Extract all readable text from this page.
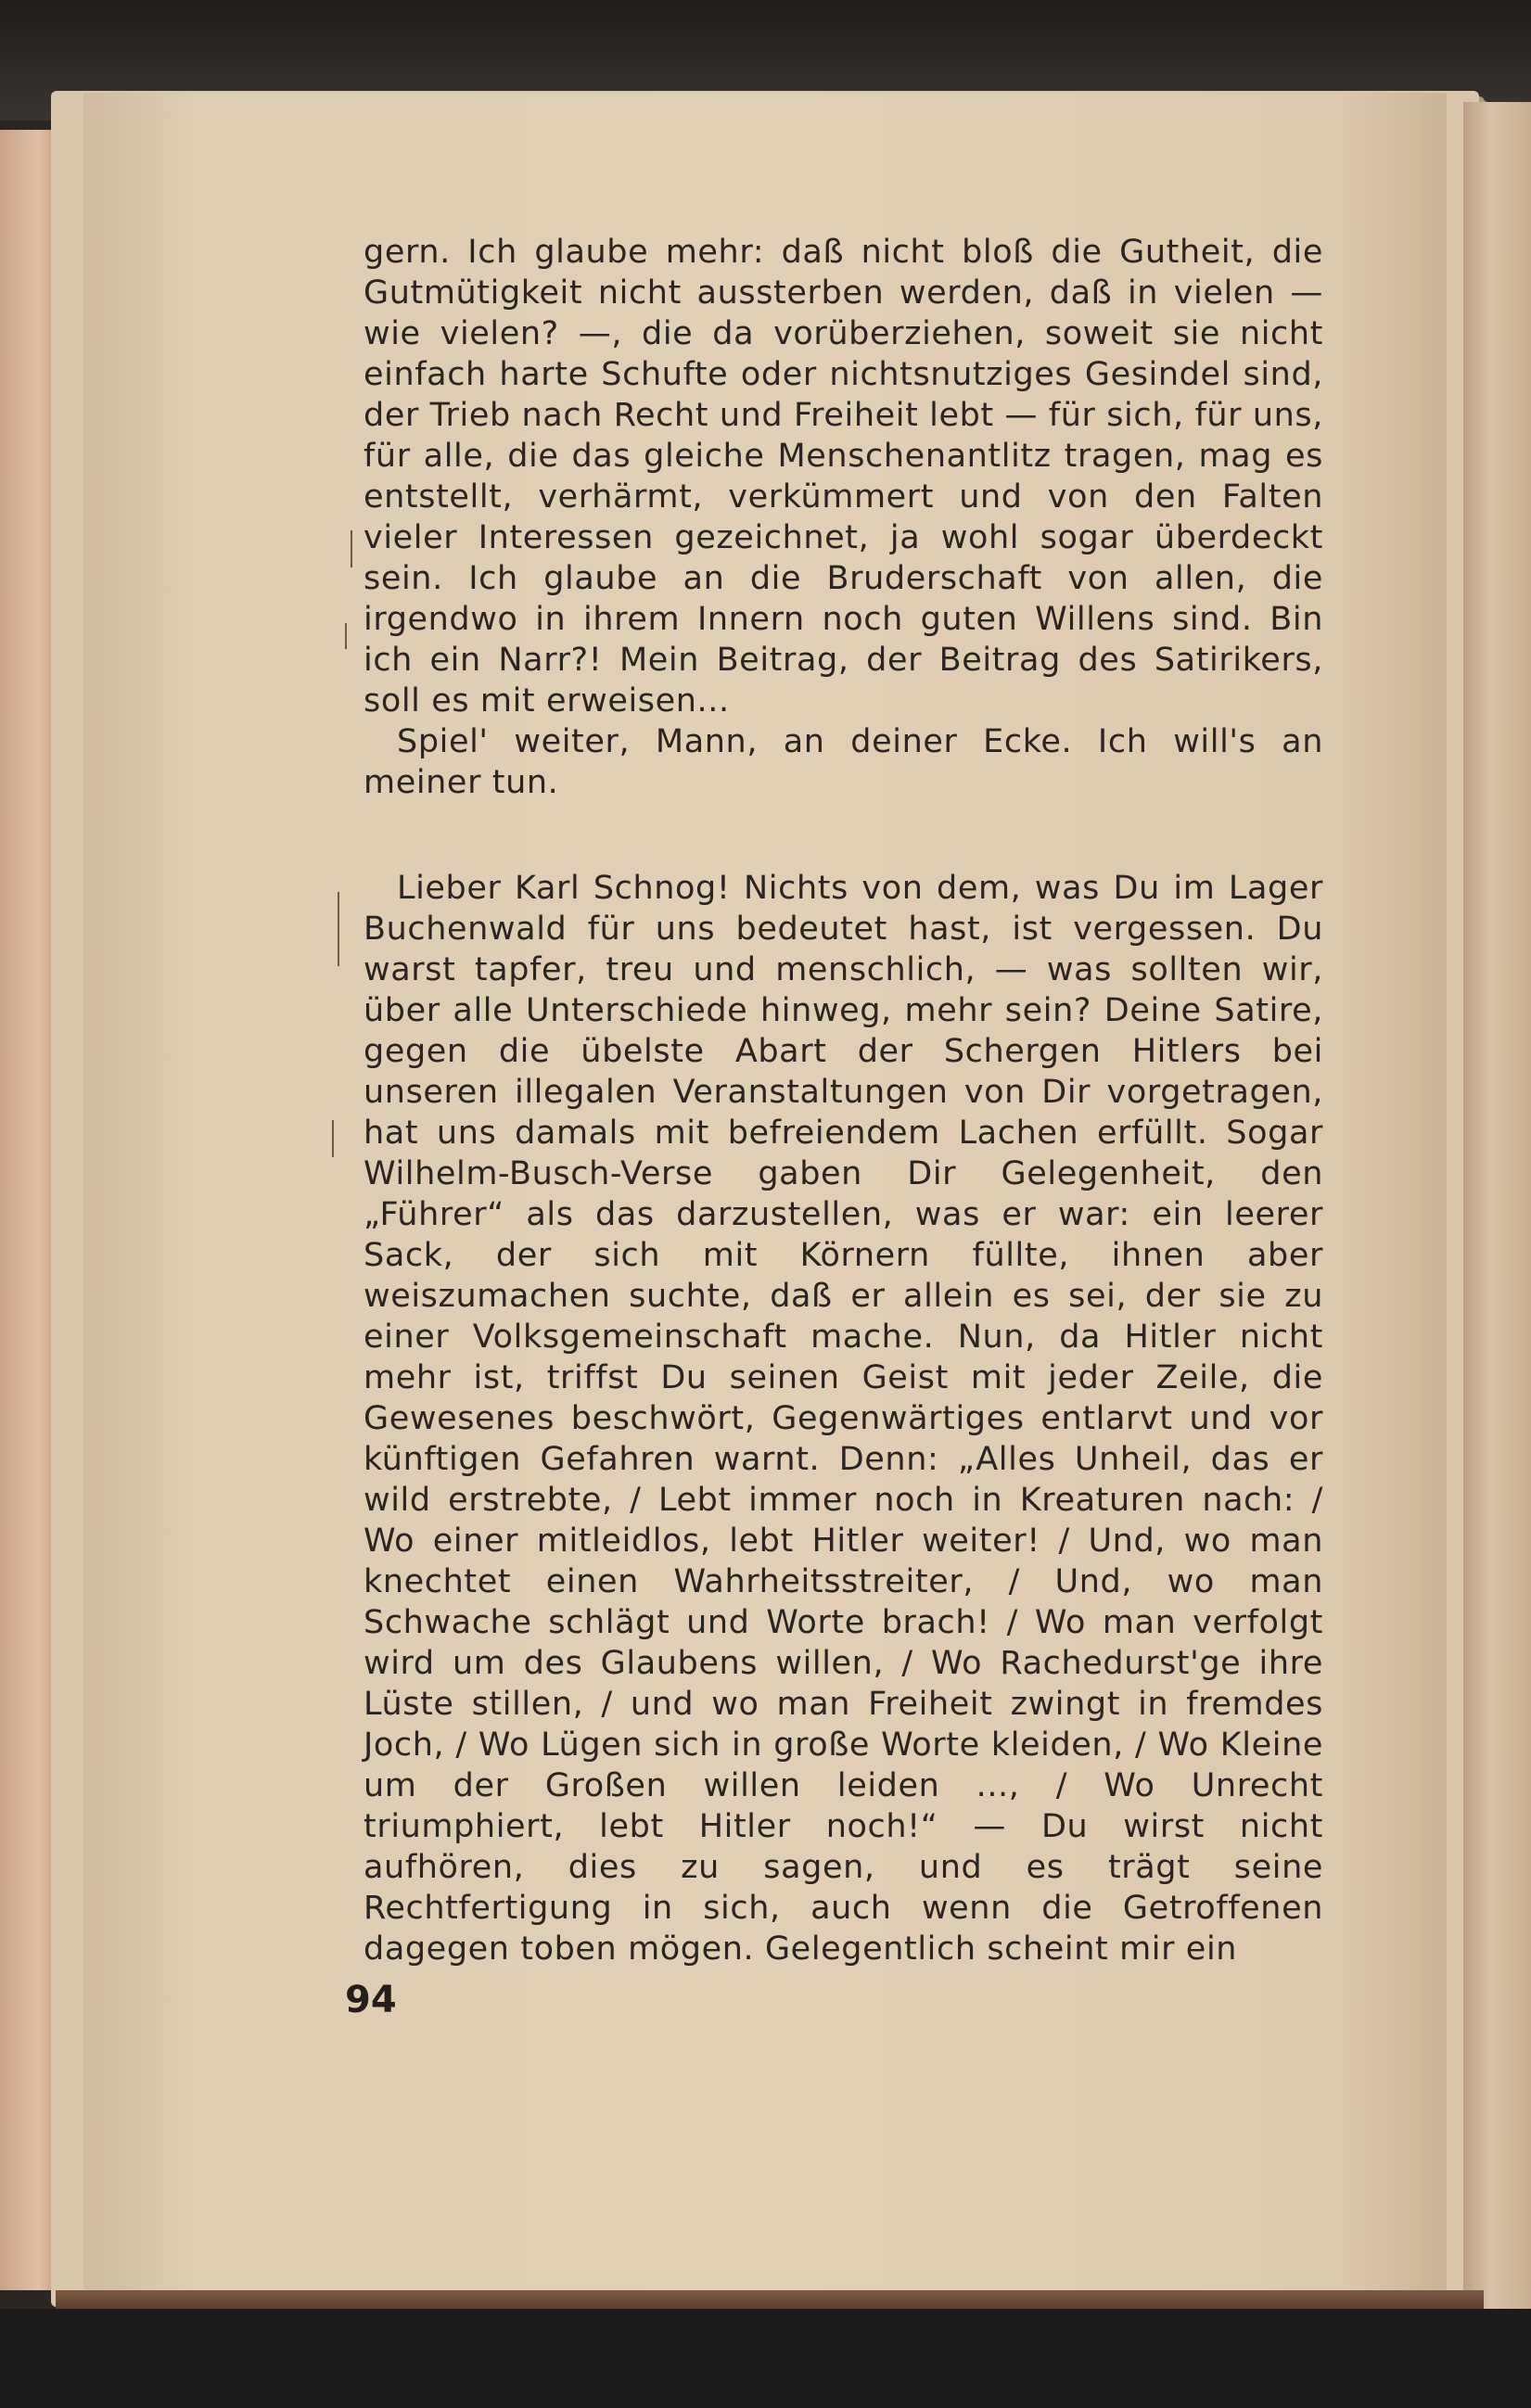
gern. Ich glaube mehr: daß nicht bloß die Gutheit, die Gutmütigkeit nicht aussterben werden, daß in vielen — wie vielen? —, die da vorüberziehen, soweit sie nicht einfach harte Schufte oder nichtsnutziges Gesindel sind, der Trieb nach Recht und Freiheit lebt — für sich, für uns, für alle, die das gleiche Menschenantlitz tragen, mag es entstellt, verhärmt, verkümmert und von den Falten vieler Interessen gezeichnet, ja wohl sogar überdeckt sein. Ich glaube an die Bruderschaft von allen, die irgendwo in ihrem Innern noch guten Willens sind. Bin ich ein Narr?! Mein Beitrag, der Beitrag des Satirikers, soll es mit erweisen...

Spiel' weiter, Mann, an deiner Ecke. Ich will's an meiner tun.

Lieber Karl Schnog! Nichts von dem, was Du im Lager Buchenwald für uns bedeutet hast, ist vergessen. Du warst tapfer, treu und menschlich, — was sollten wir, über alle Unterschiede hinweg, mehr sein? Deine Satire, gegen die übelste Abart der Schergen Hitlers bei unseren illegalen Veranstaltungen von Dir vorgetragen, hat uns damals mit befreiendem Lachen erfüllt. Sogar Wilhelm-Busch-Verse gaben Dir Gelegenheit, den „Führer“ als das darzustellen, was er war: ein leerer Sack, der sich mit Körnern füllte, ihnen aber weiszumachen suchte, daß er allein es sei, der sie zu einer Volksgemeinschaft mache. Nun, da Hitler nicht mehr ist, triffst Du seinen Geist mit jeder Zeile, die Gewesenes beschwört, Gegenwärtiges entlarvt und vor künftigen Gefahren warnt. Denn: „Alles Unheil, das er wild erstrebte, / Lebt immer noch in Kreaturen nach: / Wo einer mitleidlos, lebt Hitler weiter! / Und, wo man knechtet einen Wahrheitsstreiter, / Und, wo man Schwache schlägt und Worte brach! / Wo man verfolgt wird um des Glaubens willen, / Wo Rachedurst'ge ihre Lüste stillen, / und wo man Freiheit zwingt in fremdes Joch, / Wo Lügen sich in große Worte kleiden, / Wo Kleine um der Großen willen leiden ..., / Wo Unrecht triumphiert, lebt Hitler noch!“ — Du wirst nicht aufhören, dies zu sagen, und es trägt seine Rechtfertigung in sich, auch wenn die Getroffenen dagegen toben mögen. Gelegentlich scheint mir ein

94
